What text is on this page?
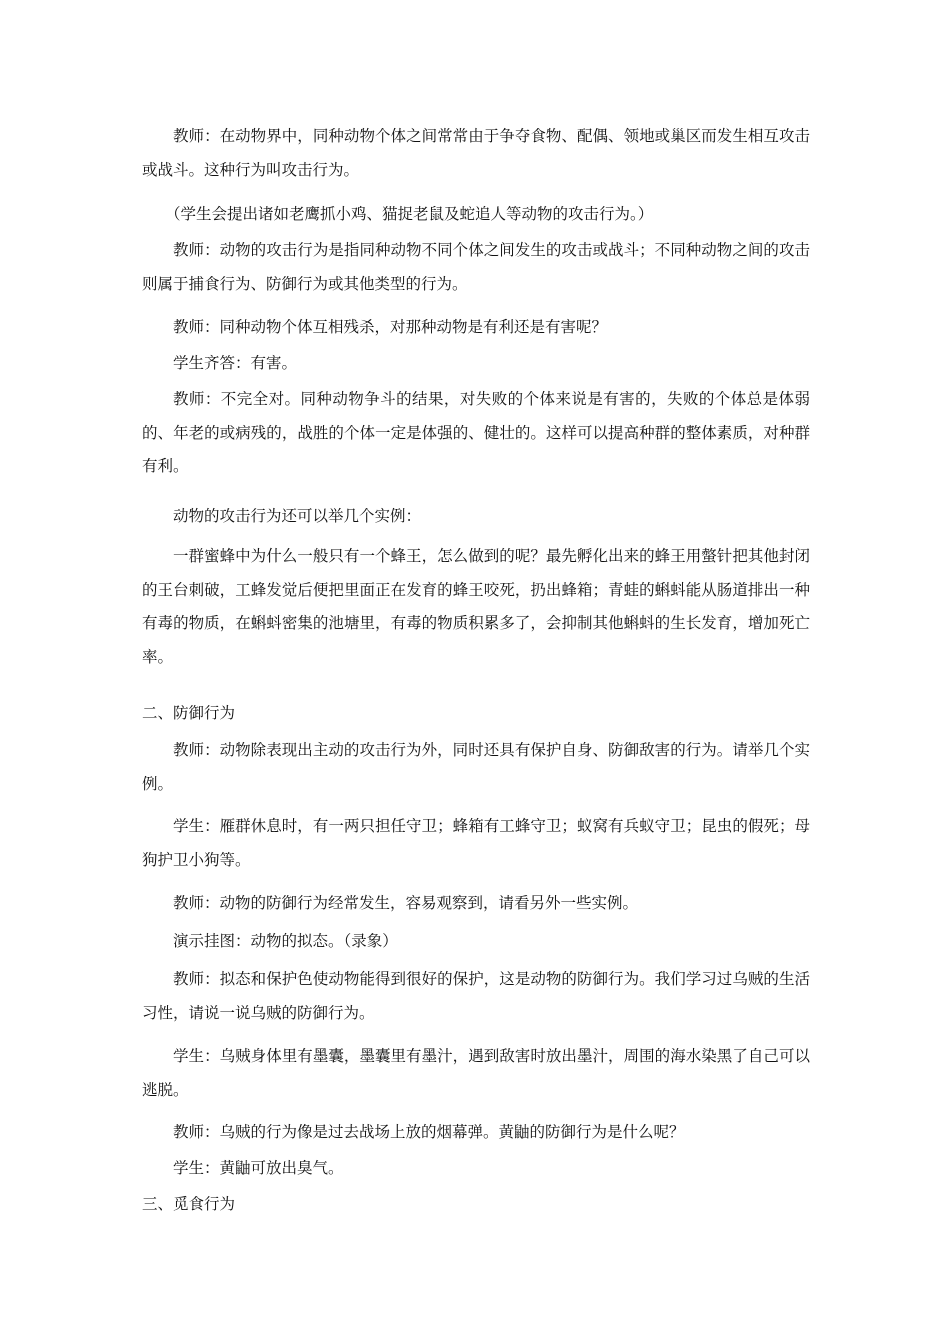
教师：在动物界中，同种动物个体之间常常由于争夺食物、配偶、领地或巢区而发生相互攻击或战斗。这种行为叫攻击行为。

（学生会提出诸如老鹰抓小鸡、猫捉老鼠及蛇追人等动物的攻击行为。）

教师：动物的攻击行为是指同种动物不同个体之间发生的攻击或战斗；不同种动物之间的攻击则属于捕食行为、防御行为或其他类型的行为。

教师：同种动物个体互相残杀，对那种动物是有利还是有害呢？

学生齐答：有害。

教师：不完全对。同种动物争斗的结果，对失败的个体来说是有害的，失败的个体总是体弱的、年老的或病残的，战胜的个体一定是体强的、健壮的。这样可以提高种群的整体素质，对种群有利。

动物的攻击行为还可以举几个实例：

一群蜜蜂中为什么一般只有一个蜂王，怎么做到的呢？最先孵化出来的蜂王用螫针把其他封闭的王台刺破，工蜂发觉后便把里面正在发育的蜂王咬死，扔出蜂箱；青蛙的蝌蚪能从肠道排出一种有毒的物质，在蝌蚪密集的池塘里，有毒的物质积累多了，会抑制其他蝌蚪的生长发育，增加死亡率。

二、防御行为

教师：动物除表现出主动的攻击行为外，同时还具有保护自身、防御敌害的行为。请举几个实例。

学生：雁群休息时，有一两只担任守卫；蜂箱有工蜂守卫；蚁窝有兵蚁守卫；昆虫的假死；母狗护卫小狗等。

教师：动物的防御行为经常发生，容易观察到，请看另外一些实例。

演示挂图：动物的拟态。（录象）

教师：拟态和保护色使动物能得到很好的保护，这是动物的防御行为。我们学习过乌贼的生活习性，请说一说乌贼的防御行为。

学生：乌贼身体里有墨囊，墨囊里有墨汁，遇到敌害时放出墨汁，周围的海水染黑了自己可以逃脱。

教师：乌贼的行为像是过去战场上放的烟幕弹。黄鼬的防御行为是什么呢？

学生：黄鼬可放出臭气。

三、觅食行为
